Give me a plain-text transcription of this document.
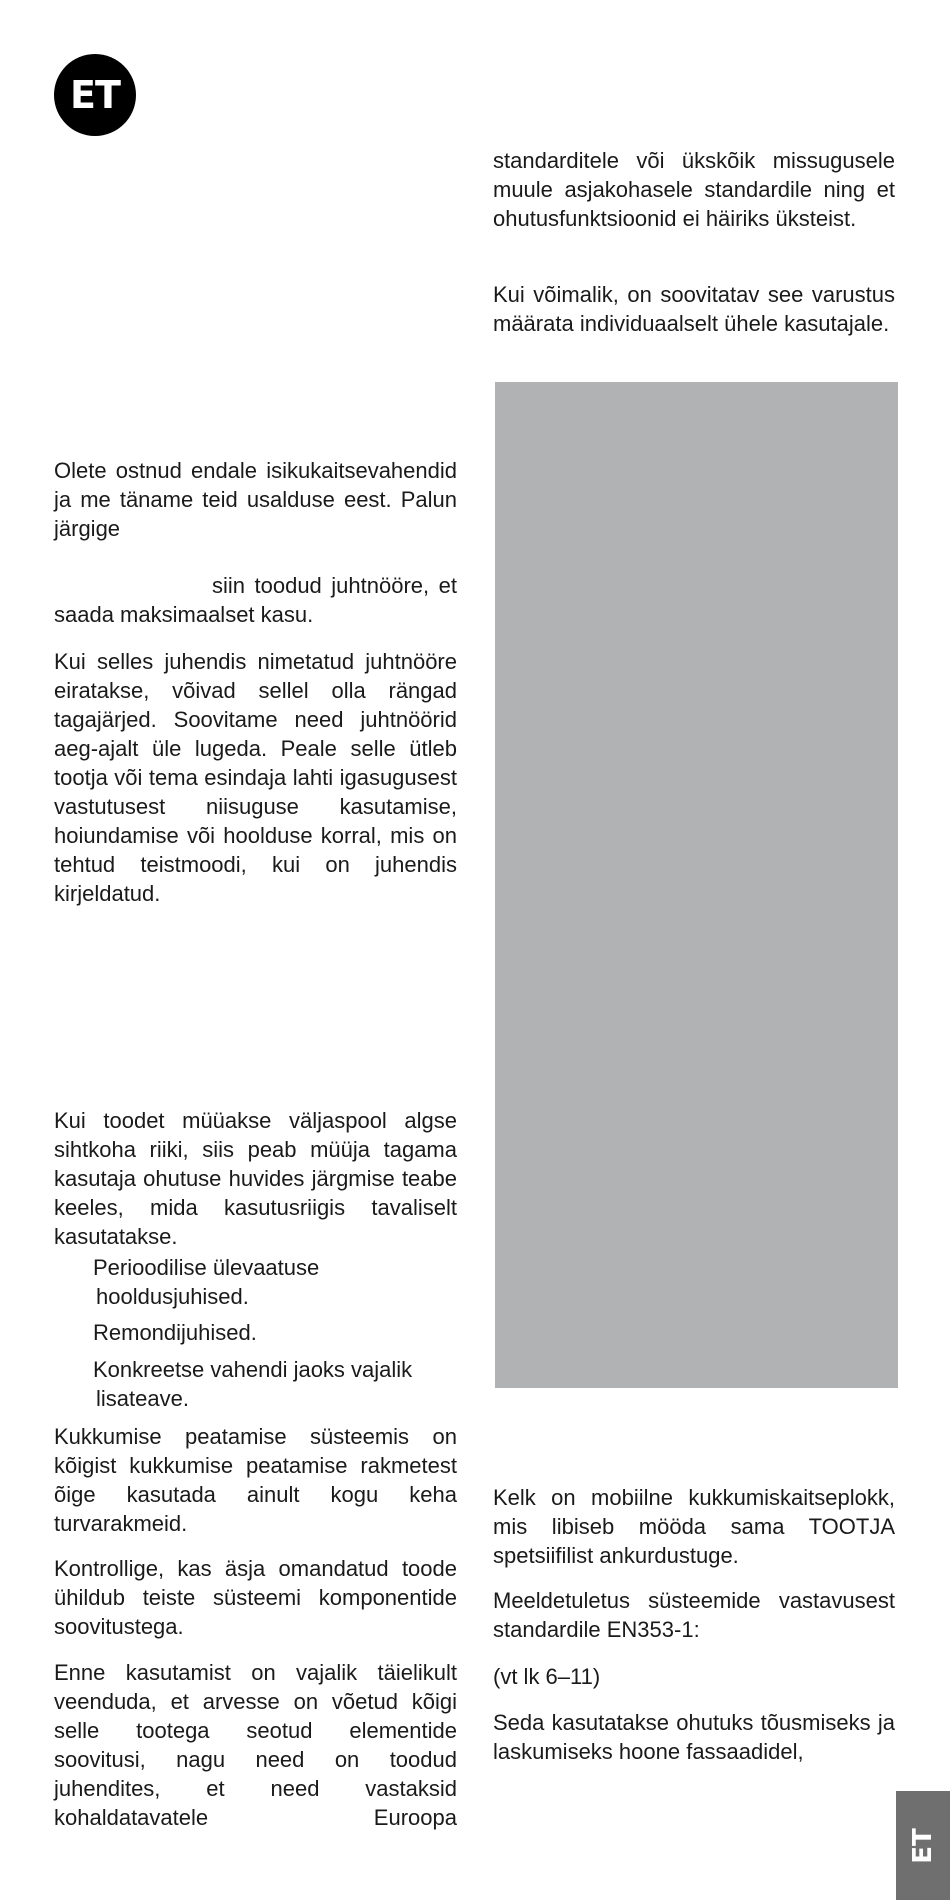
ET

standarditele või ükskõik missugusele muule asjakohasele standardile ning et ohutusfunktsioonid ei häiriks üksteist.

Kui võimalik, on soovitatav see varustus määrata individuaalselt ühele kasutajale.

Kelk on mobiilne kukkumiskaitseplokk, mis libiseb mööda sama TOOTJA spetsiifilist ankurdustuge.

Meeldetuletus süsteemide vastavusest standardile EN353-1:

(vt lk 6–11)

Seda kasutatakse ohutuks tõusmiseks ja laskumiseks hoone fassaadidel,

Olete ostnud endale isikukaitsevahendid ja me täname teid usalduse eest. Palun järgige

siin toodud juhtnööre, et saada maksimaalset kasu.

Kui selles juhendis nimetatud juhtnööre eiratakse, võivad sellel olla rängad tagajärjed. Soovitame need juhtnöörid aeg-ajalt üle lugeda. Peale selle ütleb tootja või tema esindaja lahti igasugusest vastutusest niisuguse kasutamise, hoiundamise või hoolduse korral, mis on tehtud teistmoodi, kui on juhendis kirjeldatud.

Kui toodet müüakse väljaspool algse sihtkoha riiki, siis peab müüja tagama kasutaja ohutuse huvides järgmise teabe keeles, mida kasutusriigis tavaliselt kasutatakse.

Perioodilise ülevaatuse
hooldusjuhised.

Remondijuhised.

Konkreetse vahendi jaoks vajalik
lisateave.

Kukkumise peatamise süsteemis on kõigist kukkumise peatamise rakmetest õige kasutada ainult kogu keha turvarakmeid.

Kontrollige, kas äsja omandatud toode ühildub teiste süsteemi komponentide soovitustega.

Enne kasutamist on vajalik täielikult veenduda, et arvesse on võetud kõigi selle tootega seotud elementide soovitusi, nagu need on toodud juhendites, et need vastaksid kohaldatavatele Euroopa

ET
